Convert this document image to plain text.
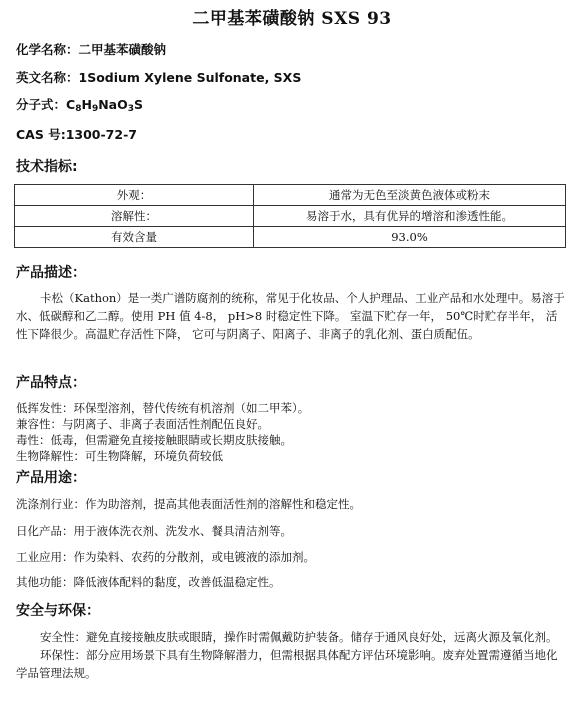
二甲基苯磺酸钠 SXS 93
化学名称：二甲基苯磺酸钠
英文名称：1Sodium Xylene Sulfonate, SXS
分子式：$C_8H_9NaO_3S$
CAS 号:1300-72-7
技术指标:
外观：	通常为无色至淡黄色液体或粉末
溶解性：	易溶于水，具有优异的增溶和渗透性能。
有效含量	93.0%
产品描述：

卡松（Kathon）是一类广谱防腐剂的统称，常见于化妆品、个人护理品、工业产品和水处理中。易溶于水、低碳醇和乙二醇。使用 PH 值 4-8， pH>8 时稳定性下降。 室温下贮存一年， 50℃时贮存半年， 活性下降很少。高温贮存活性下降， 它可与阴离子、阳离子、非离子的乳化剂、蛋白质配伍。

产品特点：
低挥发性：环保型溶剂，替代传统有机溶剂（如二甲苯）。
兼容性：与阴离子、非离子表面活性剂配伍良好。
毒性：低毒，但需避免直接接触眼睛或长期皮肤接触。
生物降解性：可生物降解，环境负荷较低
产品用途：
洗涤剂行业：作为助溶剂，提高其他表面活性剂的溶解性和稳定性。
日化产品：用于液体洗衣剂、洗发水、餐具清洁剂等。
工业应用：作为染料、农药的分散剂，或电镀液的添加剂。
其他功能：降低液体配料的黏度，改善低温稳定性。
安全与环保：

安全性：避免直接接触皮肤或眼睛，操作时需佩戴防护装备。储存于通风良好处，远离火源及氧化剂。

环保性：部分应用场景下具有生物降解潜力，但需根据具体配方评估环境影响。废弃处置需遵循当地化学品管理法规。
